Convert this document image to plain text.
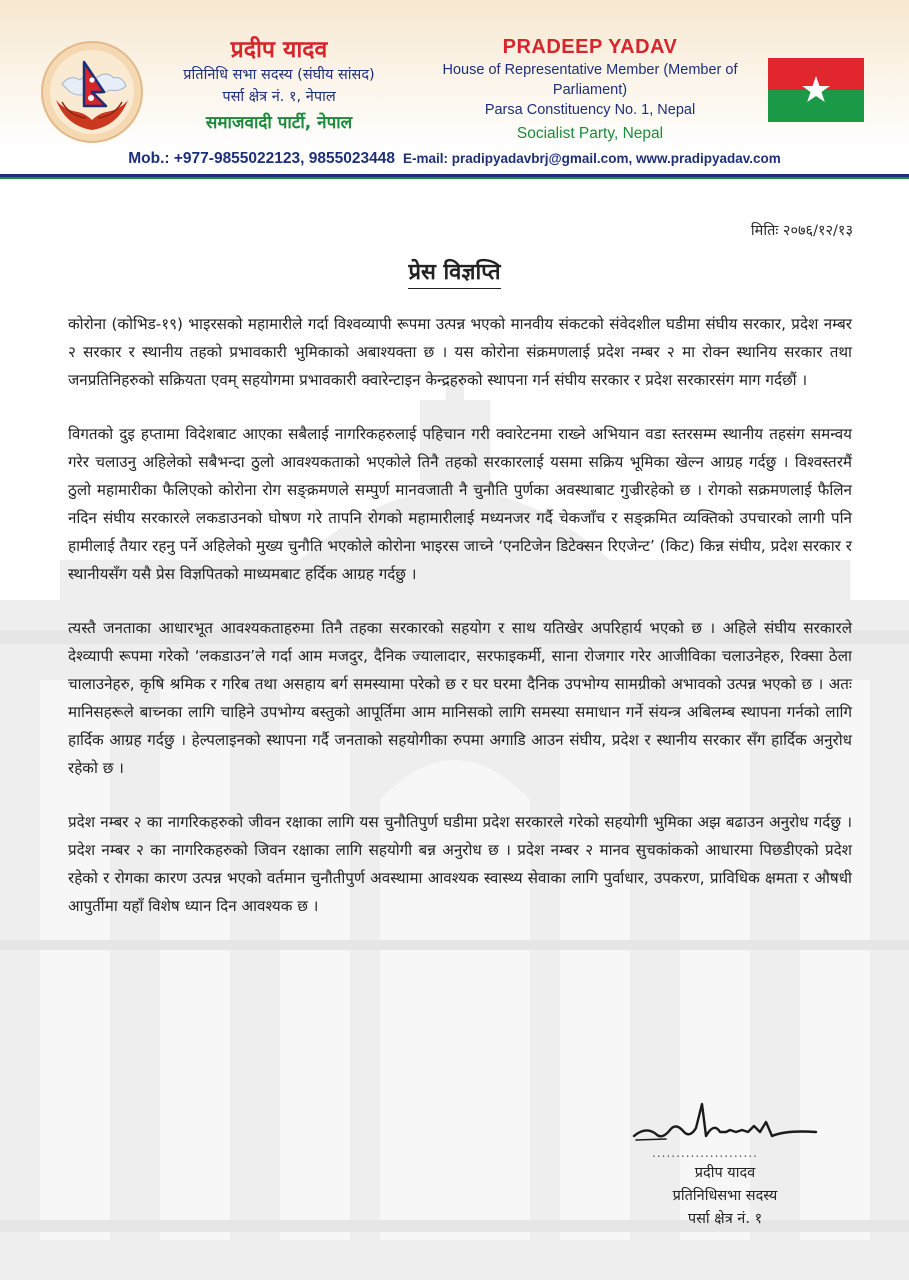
प्रदीप यादव
प्रतिनिधि सभा सदस्य (संघीय सांसद)
पर्सा क्षेत्र नं. १, नेपाल
समाजवादी पार्टी, नेपाल
PRADEEP YADAV
House of Representative Member (Member of Parliament)
Parsa Constituency No. 1, Nepal
Socialist Party, Nepal
Mob.: +977-9855022123, 9855023448 E-mail: pradipyadavbrj@gmail.com, www.pradipyadav.com
मितिः २०७६/१२/१३
प्रेस विज्ञप्ति

कोरोना (कोभिड-१९) भाइरसको महामारीले गर्दा विश्वव्यापी रूपमा उत्पन्न भएको मानवीय संकटको संवेदशील घडीमा संघीय सरकार, प्रदेश नम्बर २ सरकार र स्थानीय तहको प्रभावकारी भुमिकाको अबाश्यक्ता छ । यस कोरोना संक्रमणलाई प्रदेश नम्बर २ मा रोक्न स्थानिय सरकार तथा जनप्रतिनिहरुको सक्रियता एवम् सहयोगमा प्रभावकारी क्वारेन्टाइन केन्द्रहरुको स्थापना गर्न संघीय सरकार र प्रदेश सरकारसंग माग गर्दछौं ।

विगतको दुइ हप्तामा विदेशबाट आएका सबैलाई नागरिकहरुलाई पहिचान गरी क्वारेटनमा राख्ने अभियान वडा स्तरसम्म स्थानीय तहसंग समन्वय गरेर चलाउनु अहिलेको सबैभन्दा ठुलो आवश्यकताको भएकोले तिनै तहको सरकारलाई यसमा सक्रिय भूमिका खेल्न आग्रह गर्दछु । विश्वस्तरमैं ठुलो महामारीका फैलिएको कोरोना रोग सङ्क्रमणले सम्पुर्ण मानवजाती नै चुनौति पुर्णका अवस्थाबाट गुज्रीरहेको छ । रोगको सक्रमणलाई फैलिन नदिन संघीय सरकारले लकडाउनको घोषण गरे तापनि रोगको महामारीलाई मध्यनजर गर्दै चेकजाँच र सङ्क्रमित व्यक्तिको उपचारको लागी पनि हामीलाई तैयार रहनु पर्ने अहिलेको मुख्य चुनौति भएकोले कोरोना भाइरस जाच्ने ‘एनटिजेन डिटेक्सन रिएजेन्ट’ (किट) किन्न संघीय, प्रदेश सरकार र स्थानीयसँग यसै प्रेस विज्ञपितको माध्यमबाट हर्दिक आग्रह गर्दछु ।

त्यस्तै जनताका आधारभूत आवश्यकताहरुमा तिनै तहका सरकारको सहयोग र साथ यतिखेर अपरिहार्य भएको छ । अहिले संघीय सरकारले देश्व्यापी रूपमा गरेको ‘लकडाउन’ले गर्दा आम मजदुर, दैनिक ज्यालादार, सरफाइकर्मी, साना रोजगार गरेर आजीविका चलाउनेहरु, रिक्सा ठेला चालाउनेहरु, कृषि श्रमिक र गरिब तथा असहाय बर्ग समस्यामा परेको छ र घर घरमा दैनिक उपभोग्य सामग्रीको अभावको उत्पन्न भएको छ । अतः मानिसहरूले बाच्नका लागि चाहिने उपभोग्य बस्तुको आपूर्तिमा आम मानिसको लागि समस्या समाधान गर्ने संयन्त्र अबिलम्ब स्थापना गर्नको लागि हार्दिक आग्रह गर्दछु । हेल्पलाइनको स्थापना गर्दै जनताको सहयोगीका रुपमा अगाडि आउन संघीय, प्रदेश र स्थानीय सरकार सँग हार्दिक अनुरोध रहेको छ ।

प्रदेश नम्बर २ का नागरिकहरुको जीवन रक्षाका लागि यस चुनौतिपुर्ण घडीमा प्रदेश सरकारले गरेको सहयोगी भुमिका अझ बढाउन अनुरोध गर्दछु । प्रदेश नम्बर २ का नागरिकहरुको जिवन रक्षाका लागि सहयोगी बन्न अनुरोध छ । प्रदेश नम्बर २ मानव सुचकांकको आधारमा पिछडीएको प्रदेश रहेको र रोगका कारण उत्पन्न भएको वर्तमान चुनौतीपुर्ण अवस्थामा आवश्यक स्वास्थ्य सेवाका लागि पुर्वाधार, उपकरण, प्राविधिक क्षमता र औषधी आपुर्तीमा यहाँ विशेष ध्यान दिन आवश्यक छ ।

......................
प्रदीप यादव
प्रतिनिधिसभा सदस्य
पर्सा क्षेत्र नं. १
